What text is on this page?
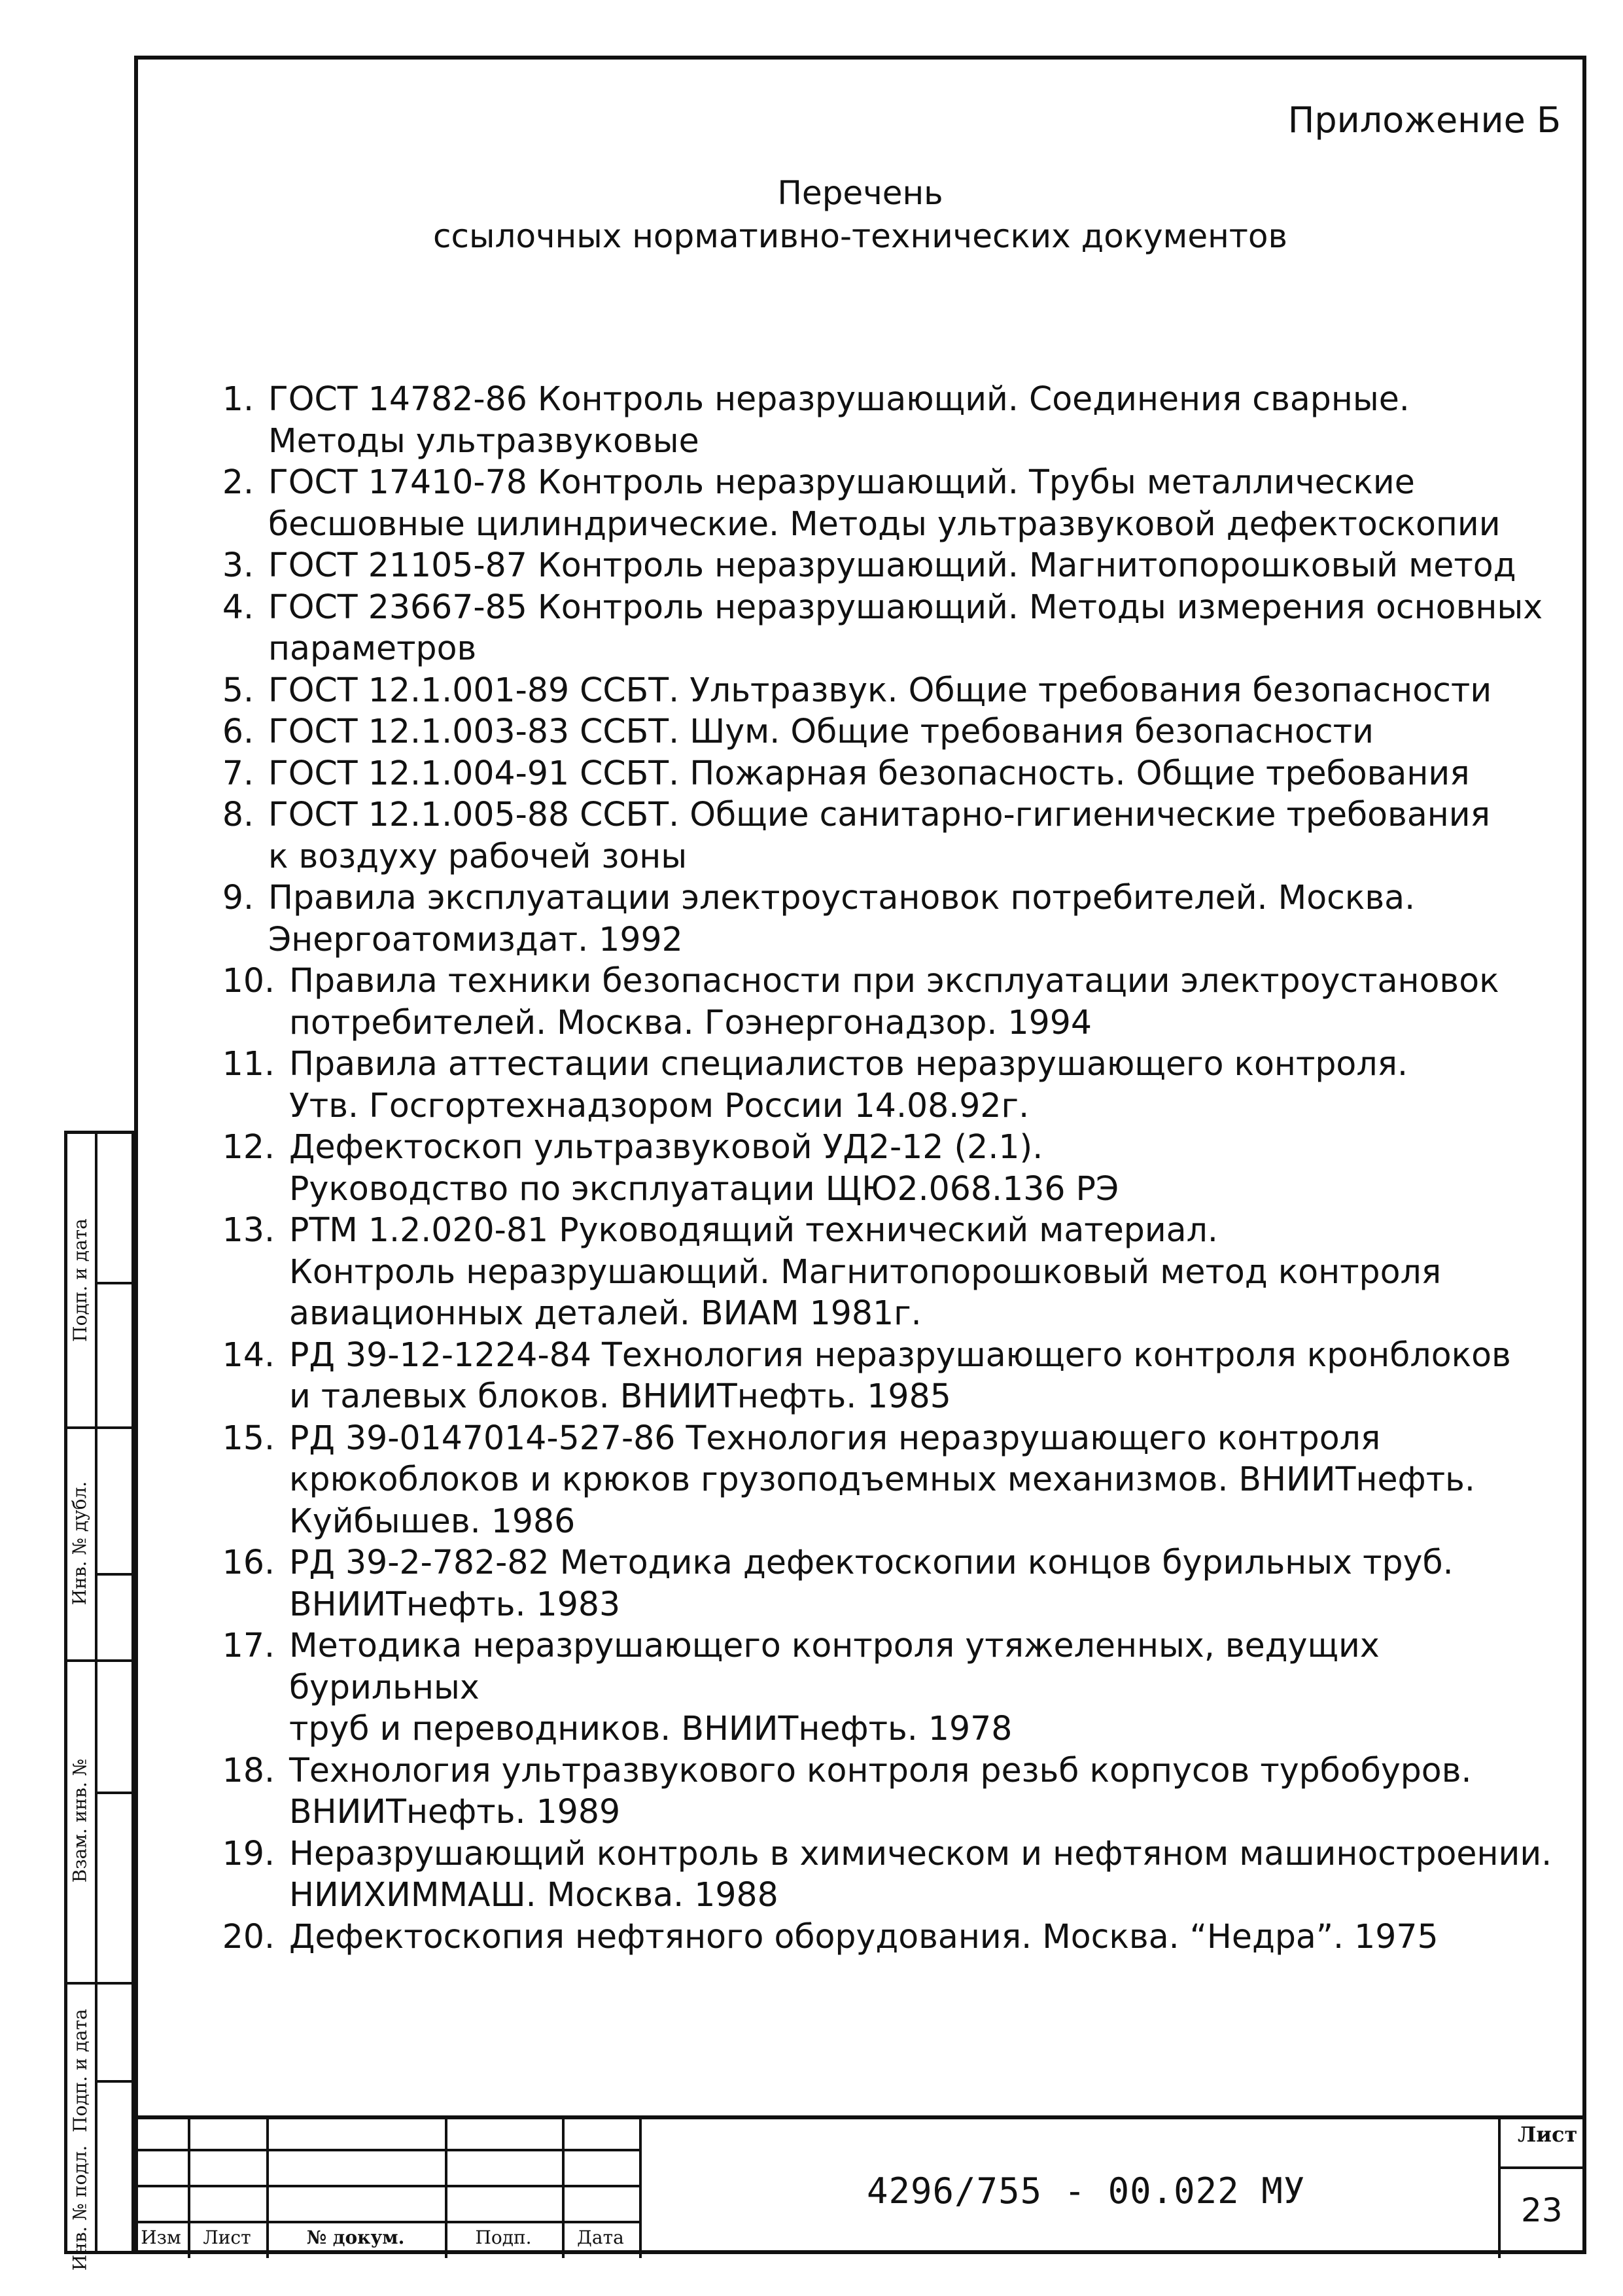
Приложение Б
Перечень
ссылочных нормативно-технических документов
1. ГОСТ 14782-86 Контроль неразрушающий. Соединения сварные.
Методы ультразвуковые
2. ГОСТ 17410-78 Контроль неразрушающий. Трубы металлические
бесшовные цилиндрические. Методы ультразвуковой дефектоскопии
3. ГОСТ 21105-87 Контроль неразрушающий. Магнитопорошковый метод
4. ГОСТ 23667-85 Контроль неразрушающий. Методы измерения основных
параметров
5. ГОСТ 12.1.001-89 ССБТ. Ультразвук. Общие требования безопасности
6. ГОСТ 12.1.003-83 ССБТ. Шум. Общие требования безопасности
7. ГОСТ 12.1.004-91 ССБТ. Пожарная безопасность. Общие требования
8. ГОСТ 12.1.005-88 ССБТ. Общие санитарно-гигиенические требования
к воздуху рабочей зоны
9. Правила эксплуатации электроустановок потребителей. Москва.
Энергоатомиздат. 1992
10. Правила техники безопасности при эксплуатации электроустановок
потребителей. Москва. Гоэнергонадзор. 1994
11. Правила аттестации специалистов неразрушающего контроля.
Утв. Госгортехнадзором России 14.08.92г.
12. Дефектоскоп ультразвуковой УД2-12 (2.1).
Руководство по эксплуатации ЩЮ2.068.136 РЭ
13. РТМ 1.2.020-81 Руководящий технический материал.
Контроль неразрушающий. Магнитопорошковый метод контроля
авиационных деталей. ВИАМ 1981г.
14. РД 39-12-1224-84 Технология неразрушающего контроля кронблоков
и талевых блоков. ВНИИТнефть. 1985
15. РД 39-0147014-527-86 Технология неразрушающего контроля
крюкоблоков и крюков грузоподъемных механизмов. ВНИИТнефть.
Куйбышев. 1986
16. РД 39-2-782-82 Методика дефектоскопии концов бурильных труб.
ВНИИТнефть. 1983
17. Методика неразрушающего контроля утяжеленных, ведущих бурильных
труб и переводников. ВНИИТнефть. 1978
18. Технология ультразвукового контроля резьб корпусов турбобуров.
ВНИИТнефть. 1989
19. Неразрушающий контроль в химическом и нефтяном машиностроении.
НИИХИММАШ. Москва. 1988
20. Дефектоскопия нефтяного оборудования. Москва. “Недра”. 1975
Подп. и дата
Инв. № дубл.
Взам. инв. №
Подп. и дата
Инв. № подл.	Изм	Лист	№ докум.	Подп.	Дата
4296/755 - 00.022 МУ
Лист
23
